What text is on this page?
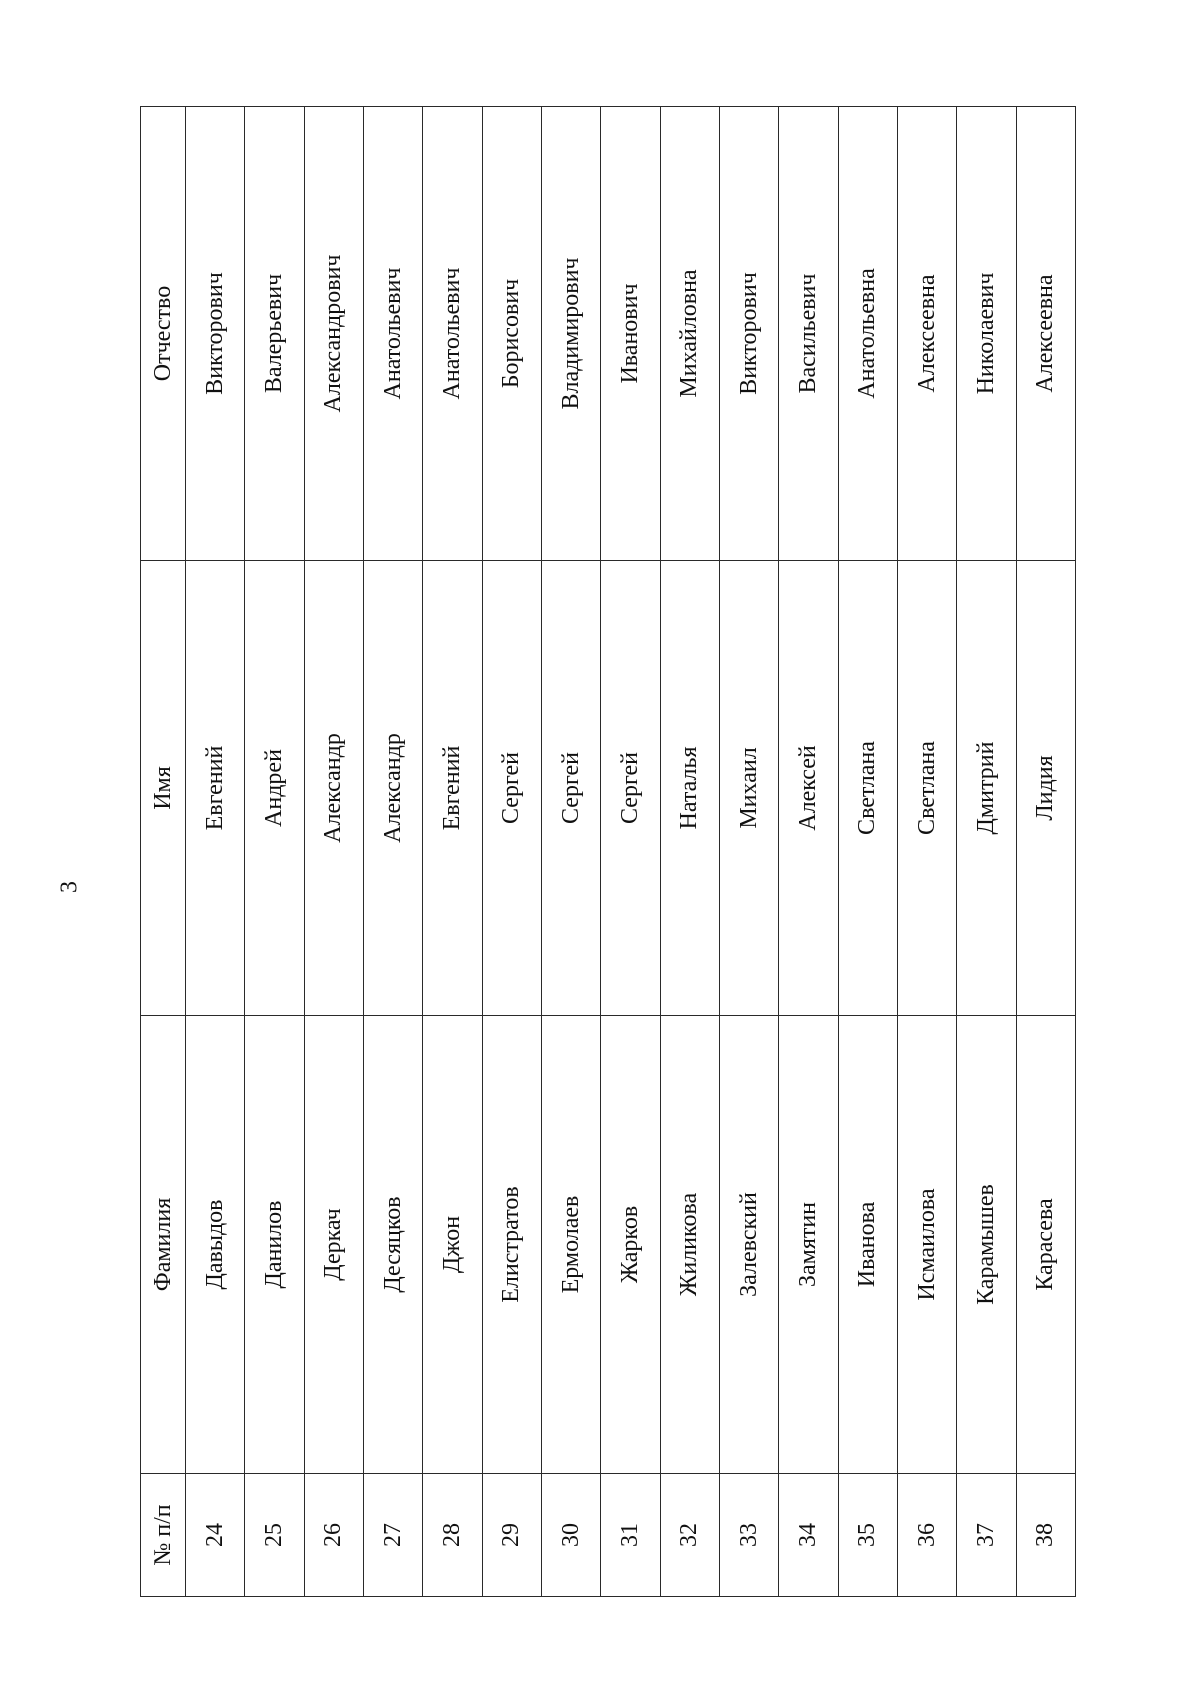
3
№ п/п	Фамилия	Имя	Отчество
24	Давыдов	Евгений	Викторович
25	Данилов	Андрей	Валерьевич
26	Деркач	Александр	Александрович
27	Десяцков	Александр	Анатольевич
28	Джон	Евгений	Анатольевич
29	Елистратов	Сергей	Борисович
30	Ермолаев	Сергей	Владимирович
31	Жарков	Сергей	Иванович
32	Жиликова	Наталья	Михайловна
33	Залевский	Михаил	Викторович
34	Замятин	Алексей	Васильевич
35	Иванова	Светлана	Анатольевна
36	Исмаилова	Светлана	Алексеевна
37	Карамышев	Дмитрий	Николаевич
38	Карасева	Лидия	Алексеевна
